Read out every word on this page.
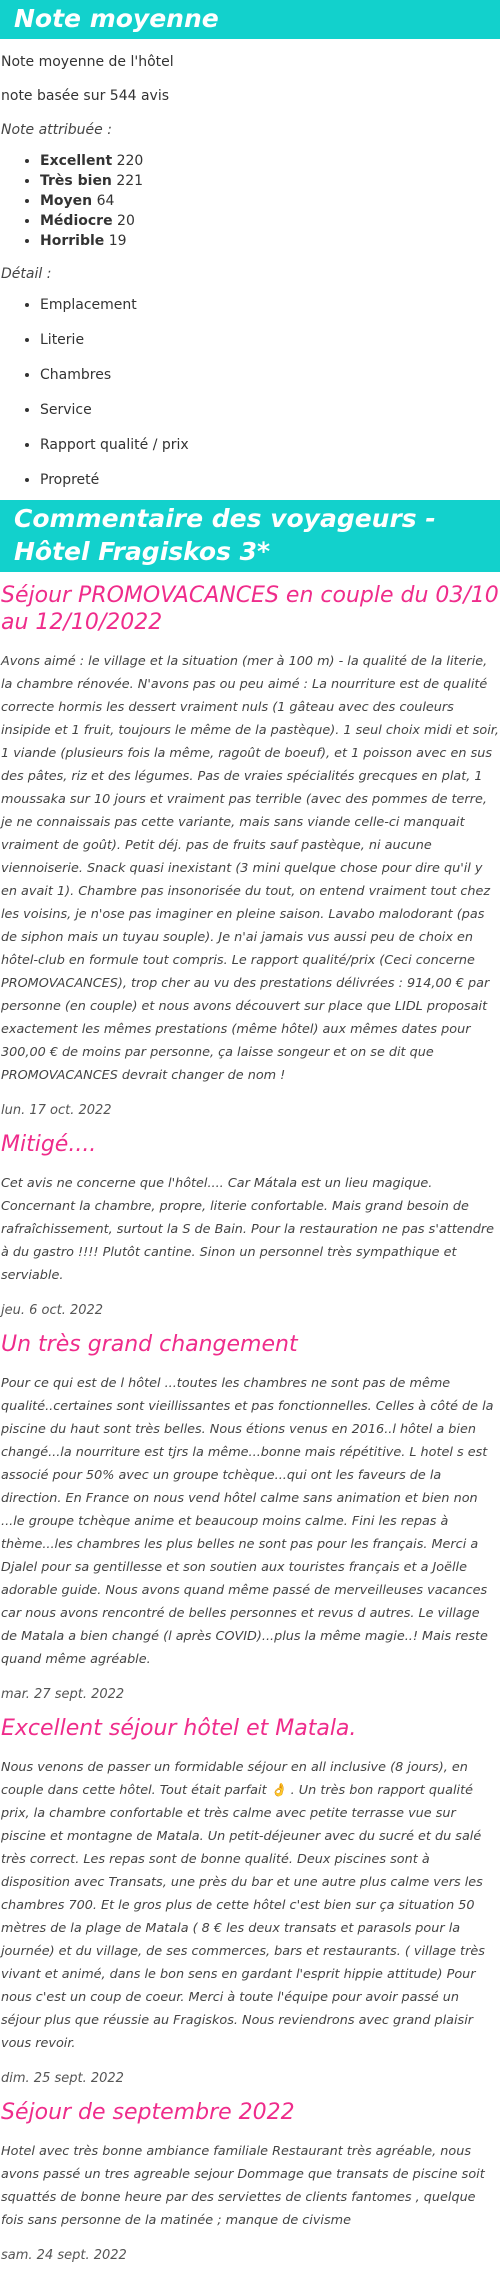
Note moyenne

Note moyenne de l'hôtel

note basée sur 544 avis

Note attribuée :

• Excellent 220
• Très bien 221
• Moyen 64
• Médiocre 20
• Horrible 19

Détail :

• Emplacement
• Literie
• Chambres
• Service
• Rapport qualité / prix
• Propreté
Commentaire des voyageurs - Hôtel Fragiskos 3*
Séjour PROMOVACANCES en couple du 03/10 au 12/10/2022

Avons aimé : le village et la situation (mer à 100 m) - la qualité de la literie, la chambre rénovée. N'avons pas ou peu aimé : La nourriture est de qualité correcte hormis les dessert vraiment nuls (1 gâteau avec des couleurs insipide et 1 fruit, toujours le même de la pastèque). 1 seul choix midi et soir, 1 viande (plusieurs fois la même, ragoût de boeuf), et 1 poisson avec en sus des pâtes, riz et des légumes. Pas de vraies spécialités grecques en plat, 1 moussaka sur 10 jours et vraiment pas terrible (avec des pommes de terre, je ne connaissais pas cette variante, mais sans viande celle-ci manquait vraiment de goût). Petit déj. pas de fruits sauf pastèque, ni aucune viennoiserie. Snack quasi inexistant (3 mini quelque chose pour dire qu'il y en avait 1). Chambre pas insonorisée du tout, on entend vraiment tout chez les voisins, je n'ose pas imaginer en pleine saison. Lavabo malodorant (pas de siphon mais un tuyau souple). Je n'ai jamais vus aussi peu de choix en hôtel-club en formule tout compris. Le rapport qualité/prix (Ceci concerne PROMOVACANCES), trop cher au vu des prestations délivrées : 914,00 € par personne (en couple) et nous avons découvert sur place que LIDL proposait exactement les mêmes prestations (même hôtel) aux mêmes dates pour 300,00 € de moins par personne, ça laisse songeur et on se dit que PROMOVACANCES devrait changer de nom !

lun. 17 oct. 2022

Mitigé....

Cet avis ne concerne que l'hôtel.... Car Mátala est un lieu magique. Concernant la chambre, propre, literie confortable. Mais grand besoin de rafraîchissement, surtout la S de Bain. Pour la restauration ne pas s'attendre à du gastro !!!! Plutôt cantine. Sinon un personnel très sympathique et serviable.

jeu. 6 oct. 2022

Un très grand changement

Pour ce qui est de l hôtel ...toutes les chambres ne sont pas de même qualité..certaines sont vieillissantes et pas fonctionnelles. Celles à côté de la piscine du haut sont très belles. Nous étions venus en 2016..l hôtel a bien changé...la nourriture est tjrs la même...bonne mais répétitive. L hotel s est associé pour 50% avec un groupe tchèque...qui ont les faveurs de la direction. En France on nous vend hôtel calme sans animation et bien non ...le groupe tchèque anime et beaucoup moins calme. Fini les repas à thème...les chambres les plus belles ne sont pas pour les français. Merci a Djalel pour sa gentillesse et son soutien aux touristes français et a Joëlle adorable guide. Nous avons quand même passé de merveilleuses vacances car nous avons rencontré de belles personnes et revus d autres. Le village de Matala a bien changé (l après COVID)...plus la même magie..! Mais reste quand même agréable.

mar. 27 sept. 2022

Excellent séjour hôtel et Matala.

Nous venons de passer un formidable séjour en all inclusive (8 jours), en couple dans cette hôtel. Tout était parfait 👌 . Un très bon rapport qualité prix, la chambre confortable et très calme avec petite terrasse vue sur piscine et montagne de Matala. Un petit-déjeuner avec du sucré et du salé très correct. Les repas sont de bonne qualité. Deux piscines sont à disposition avec Transats, une près du bar et une autre plus calme vers les chambres 700. Et le gros plus de cette hôtel c'est bien sur ça situation 50 mètres de la plage de Matala ( 8 € les deux transats et parasols pour la journée) et du village, de ses commerces, bars et restaurants. ( village très vivant et animé, dans le bon sens en gardant l'esprit hippie attitude) Pour nous c'est un coup de coeur. Merci à toute l'équipe pour avoir passé un séjour plus que réussie au Fragiskos. Nous reviendrons avec grand plaisir vous revoir.

dim. 25 sept. 2022

Séjour de septembre 2022

Hotel avec très bonne ambiance familiale Restaurant très agréable, nous avons passé un tres agreable sejour Dommage que transats de piscine soit squattés de bonne heure par des serviettes de clients fantomes , quelque fois sans personne de la matinée ; manque de civisme

sam. 24 sept. 2022
